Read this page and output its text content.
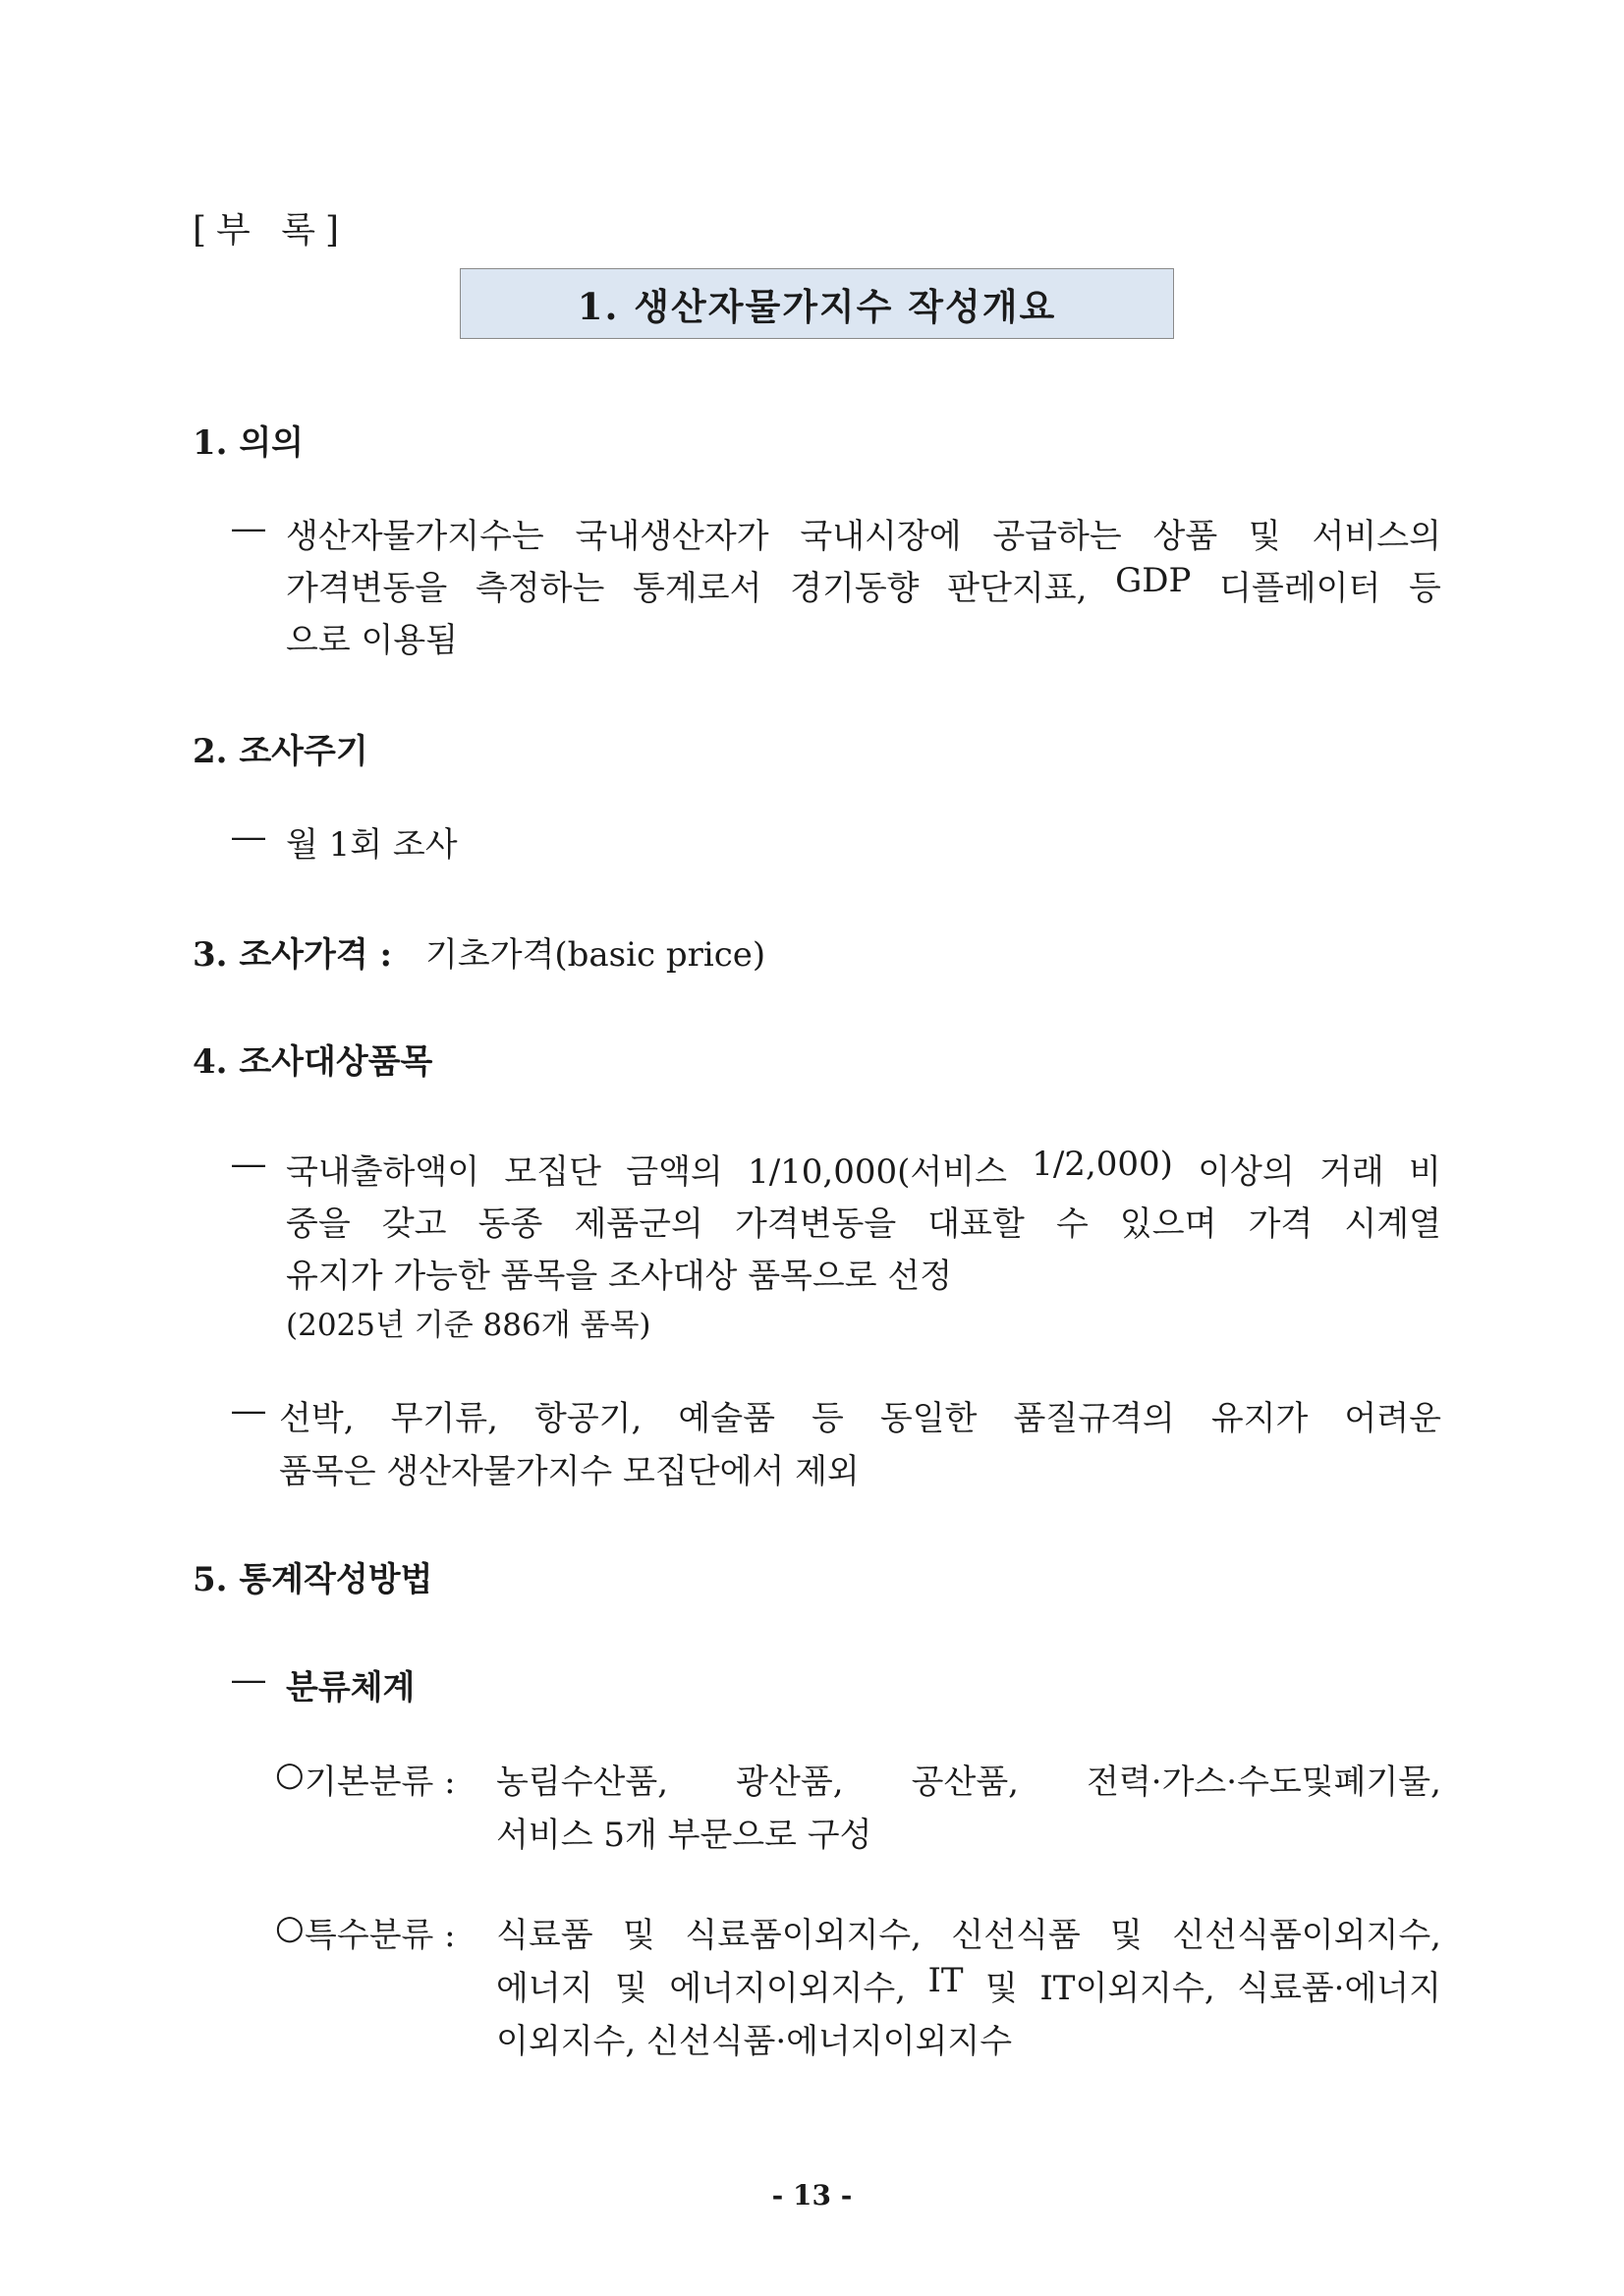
[부 록]
1. 생산자물가지수 작성개요
1. 의의
― 생산자물가지수는 국내생산자가 국내시장에 공급하는 상품 및 서비스의
가격변동을 측정하는 통계로서 경기동향 판단지표, GDP 디플레이터 등
으로 이용됨
2. 조사주기
― 월 1회 조사
3. 조사가격 : 기초가격(basic price)
4. 조사대상품목
― 국내출하액이 모집단 금액의 1/10,000(서비스 1/2,000) 이상의 거래 비
중을 갖고 동종 제품군의 가격변동을 대표할 수 있으며 가격 시계열
유지가 가능한 품목을 조사대상 품목으로 선정
(2025년 기준 886개 품목)
― 선박, 무기류, 항공기, 예술품 등 동일한 품질규격의 유지가 어려운
품목은 생산자물가지수 모집단에서 제외
5. 통계작성방법
― 분류체계
○ 기본분류 : 농림수산품, 광산품, 공산품, 전력·가스·수도및폐기물,
서비스 5개 부문으로 구성
○ 특수분류 : 식료품 및 식료품이외지수, 신선식품 및 신선식품이외지수,
에너지 및 에너지이외지수, IT 및 IT이외지수, 식료품·에너지
이외지수, 신선식품·에너지이외지수
- 13 -
